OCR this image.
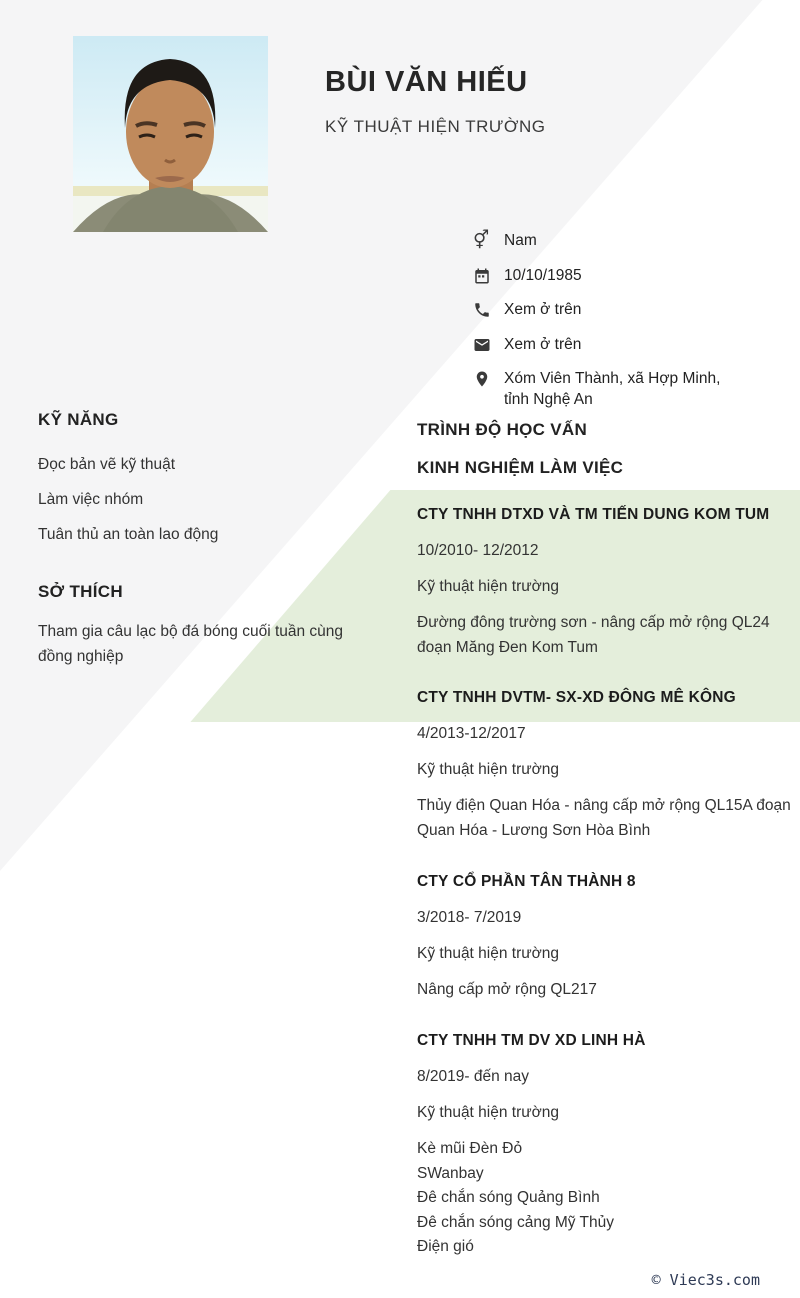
BÙI VĂN HIẾU
KỸ THUẬT HIỆN TRƯỜNG
⚥ Nam
10/10/1985
Xem ở trên
Xem ở trên
Xóm Viên Thành, xã Hợp Minh, tỉnh Nghệ An
KỸ NĂNG
Đọc bản vẽ kỹ thuật
Làm việc nhóm
Tuân thủ an toàn lao động
SỞ THÍCH
Tham gia câu lạc bộ đá bóng cuối tuần cùng đồng nghiệp
TRÌNH ĐỘ HỌC VẤN
KINH NGHIỆM LÀM VIỆC
CTY TNHH DTXD VÀ TM TIẾN DUNG KOM TUM
10/2010- 12/2012
Kỹ thuật hiện trường
Đường đông trường sơn - nâng cấp mở rộng QL24 đoạn Măng Đen Kom Tum
CTY TNHH DVTM- SX-XD ĐÔNG MÊ KÔNG
4/2013-12/2017
Kỹ thuật hiện trường
Thủy điện Quan Hóa - nâng cấp mở rộng QL15A đoạn Quan Hóa - Lương Sơn Hòa Bình
CTY CỔ PHẦN TÂN THÀNH 8
3/2018- 7/2019
Kỹ thuật hiện trường
Nâng cấp mở rộng QL217
CTY TNHH TM DV XD LINH HÀ
8/2019- đến nay
Kỹ thuật hiện trường
Kè mũi Đèn Đỏ
SWanbay
Đê chắn sóng Quảng Bình
Đê chắn sóng cảng Mỹ Thủy
Điện gió
© Viec3s.com
